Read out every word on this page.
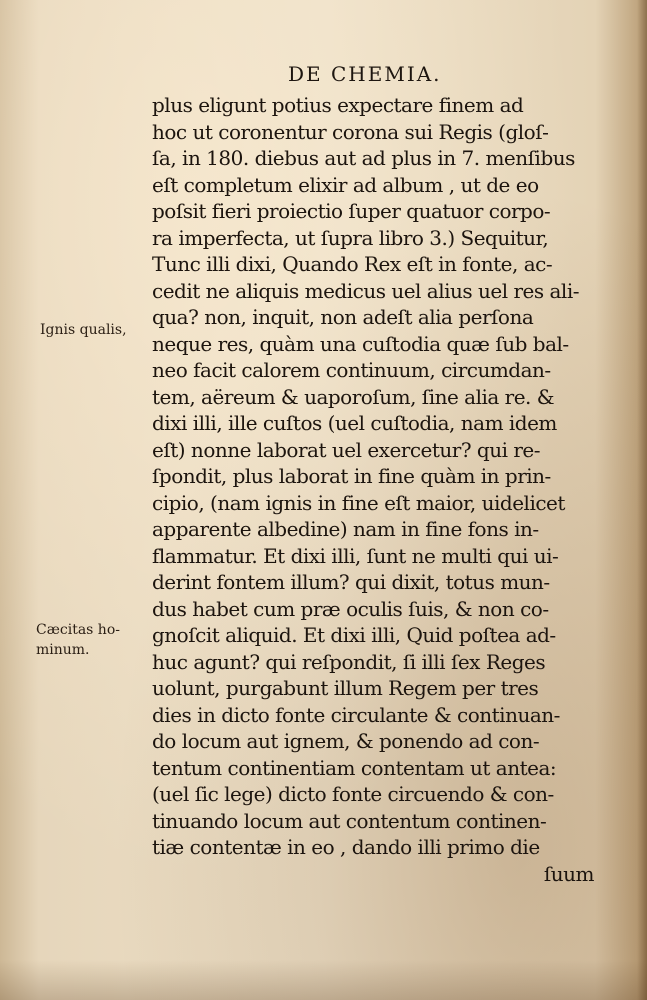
DE CHEMIA.
Ignis qualis,
Cæcitas ho-
minum.
plus eligunt potius expectare finem ad
hoc ut coronentur corona sui Regis (gloſ-
ſa, in 180. diebus aut ad plus in 7. menſibus
eſt completum elixir ad album , ut de eo
poſsit fieri proiectio ſuper quatuor corpo-
ra imperfecta, ut ſupra libro 3.) Sequitur,
Tunc illi dixi, Quando Rex eſt in fonte, ac-
cedit ne aliquis medicus uel alius uel res ali-
qua? non, inquit, non adeſt alia perſona
neque res, quàm una cuſtodia quæ ſub bal-
neo facit calorem continuum, circumdan-
tem, aëreum & uaporoſum, ſine alia re. &
dixi illi, ille cuſtos (uel cuſtodia, nam idem
eſt) nonne laborat uel exercetur? qui re-
ſpondit, plus laborat in fine quàm in prin-
cipio, (nam ignis in fine eſt maior, uidelicet
apparente albedine) nam in fine fons in-
flammatur. Et dixi illi, ſunt ne multi qui ui-
derint fontem illum? qui dixit, totus mun-
dus habet cum præ oculis ſuis, & non co-
gnoſcit aliquid. Et dixi illi, Quid poſtea ad-
huc agunt? qui reſpondit, ſi illi ſex Reges
uolunt, purgabunt illum Regem per tres
dies in dicto fonte circulante & continuan-
do locum aut ignem, & ponendo ad con-
tentum continentiam contentam ut antea:
(uel ſic lege) dicto fonte circuendo & con-
tinuando locum aut contentum continen-
tiæ contentæ in eo , dando illi primo die
ſuum
